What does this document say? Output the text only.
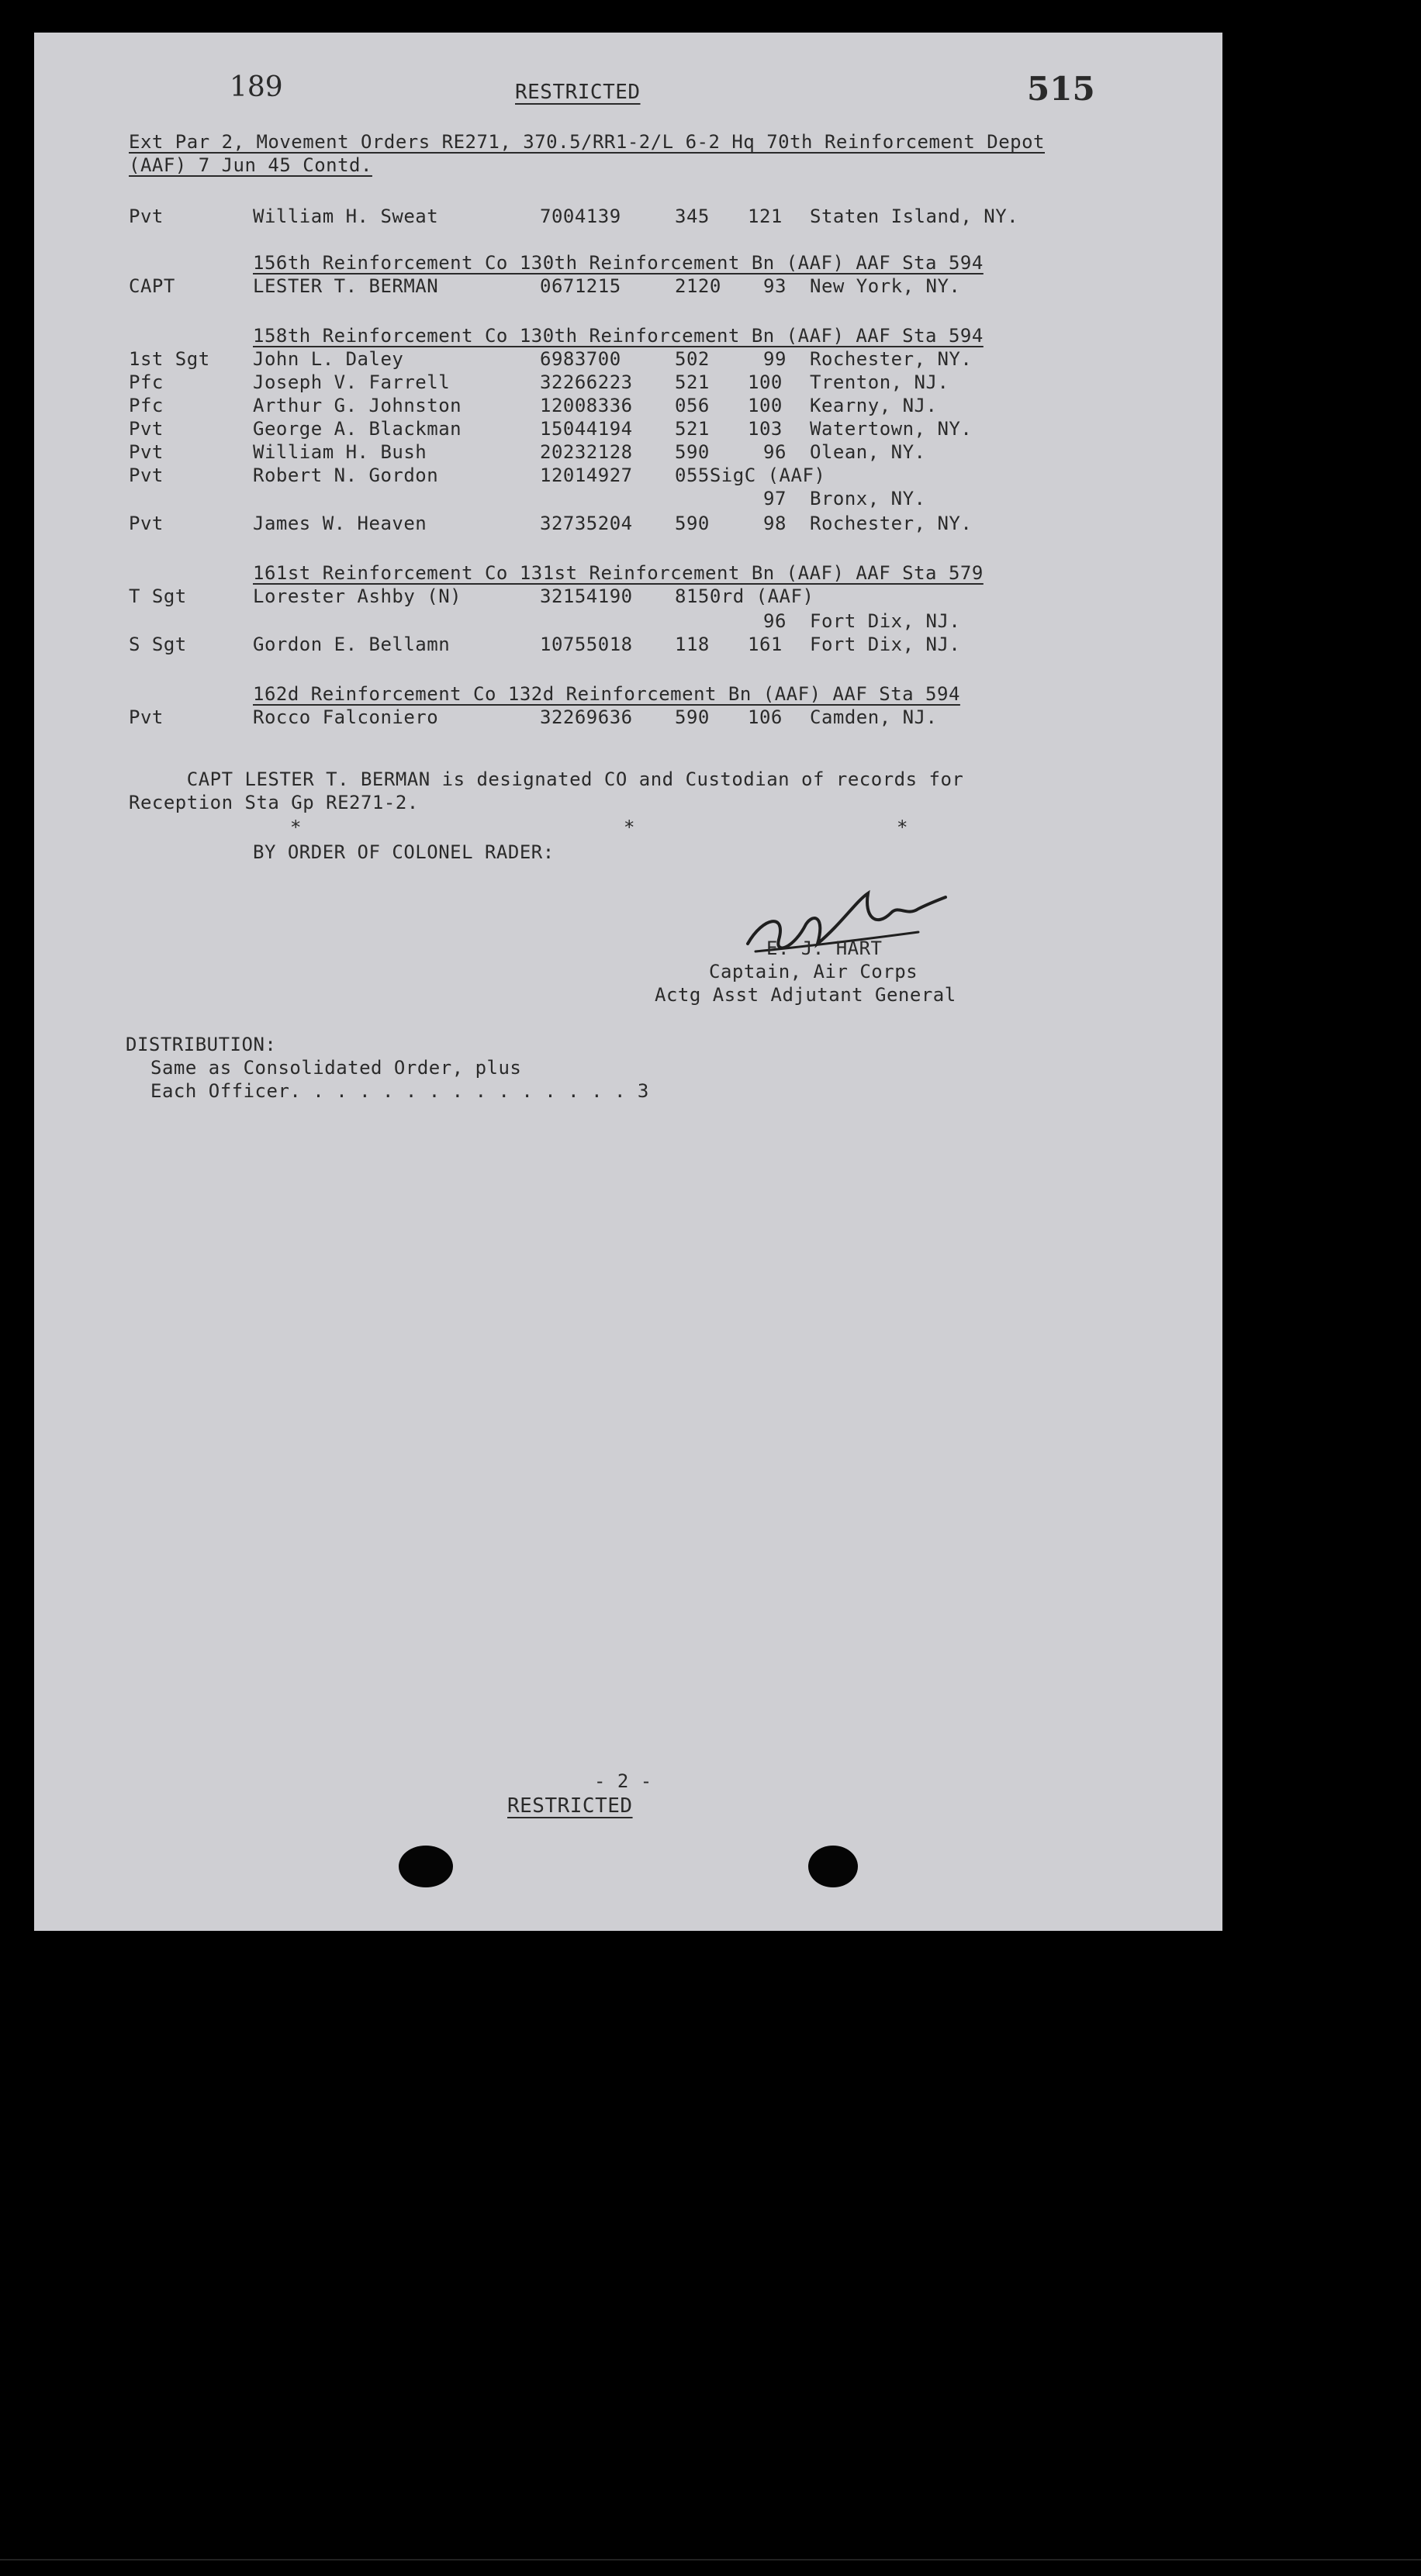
189	515
RESTRICTED
Ext Par 2, Movement Orders RE271, 370.5/RR1-2/L 6-2 Hq 70th Reinforcement Depot
(AAF) 7 Jun 45 Contd.
Pvt	William H. Sweat	7004139	345 121 Staten Island, NY.
156th Reinforcement Co 130th Reinforcement Bn (AAF) AAF Sta 594
CAPT	LESTER T. BERMAN	0671215	2120 93 New York, NY.
158th Reinforcement Co 130th Reinforcement Bn (AAF) AAF Sta 594
1st Sgt John L. Daley	6983700	502	99 Rochester, NY.
Pfc	Joseph V. Farrell	32266223 521 100 Trenton, NJ.
Pfc	Arthur G. Johnston	12008336 056 100 Kearny, NJ.
Pvt	George A. Blackman	15044194 521 103 Watertown, NY.
Pvt	William H. Bush	20232128 590	96 Olean, NY.
Pvt	Robert N. Gordon	12014927 055SigC (AAF)
97 Bronx, NY.
Pvt	James W. Heaven	32735204 590	98 Rochester, NY.
161st Reinforcement Co 131st Reinforcement Bn (AAF) AAF Sta 579
T Sgt	Lorester Ashby (N)	32154190 8150rd (AAF)
96 Fort Dix, NJ.
S Sgt	Gordon E. Bellamn	10755018 118 161 Fort Dix, NJ.
162d Reinforcement Co 132d Reinforcement Bn (AAF) AAF Sta 594
Pvt	Rocco Falconiero	32269636 590 106 Camden, NJ.
CAPT LESTER T. BERMAN is designated CO and Custodian of records for
Reception Sta Gp RE271-2.
*	*	*
BY ORDER OF COLONEL RADER:
E. J. HART
Captain, Air Corps
Actg Asst Adjutant General
DISTRIBUTION:
Same as Consolidated Order, plus
Each Officer. . . . . . . . . . . . . . . 3
- 2 -
RESTRICTED
